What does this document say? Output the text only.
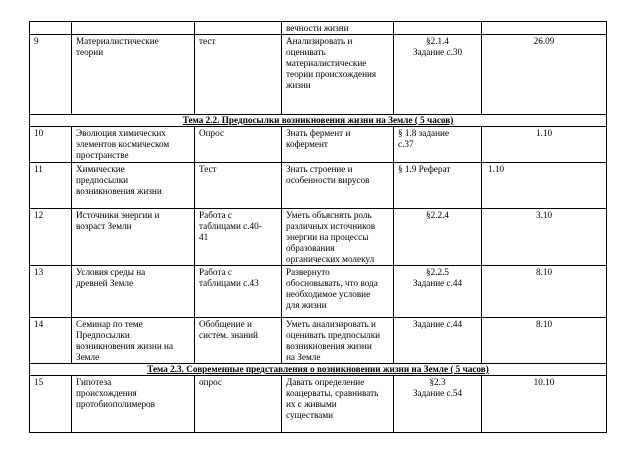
			вечности жизни		

9	Материалистические
теории	тест	Анализировать и
оценивать
материалистические
теории происхождения
жизни	§2.1.4
Задание с.30	26.09
Тема 2.2. Предпосылки возникновения жизни на Земле ( 5 часов)					
10	Эволюция химических
элементов космическом
пространстве	Опрос	Знать фермент и
кофермент	§ 1.8 задание
с.37	1.10
11	Химические
предпосылки
возникновения жизни	Тест	Знать строение и
особенности вирусов	§ 1.9 Реферат	1.10
12	Источники энергии и
возраст Земли	Работа с
таблицами с.40-
41	Уметь объяснять роль
различных источников
энергии на процессы
образования
органических молекул	§2.2.4	3.10
13	Условия среды на
древней Земле	Работа с
таблицами с.43	Развернуто
обосновывать, что вода
необходимое условие
для жизни	§2.2.5
Задание с.44	8.10
14	Семинар по теме
Предпосылки
возникновения жизни на
Земле	Обобщение и
систем. знаний	Уметь анализировать и
оценивать предпосылки
возникновения жизни
на Земле	Задание с.44	8.10
Тема 2.3. Современные представления о возникновении жизни на Земле ( 5 часов)					
15	Гипотеза
происхождения
протобиополимеров	опрос	Давать определение
коацерваты, сравнивать
их с живыми
существами	§2.3
Задание с.54	10.10
